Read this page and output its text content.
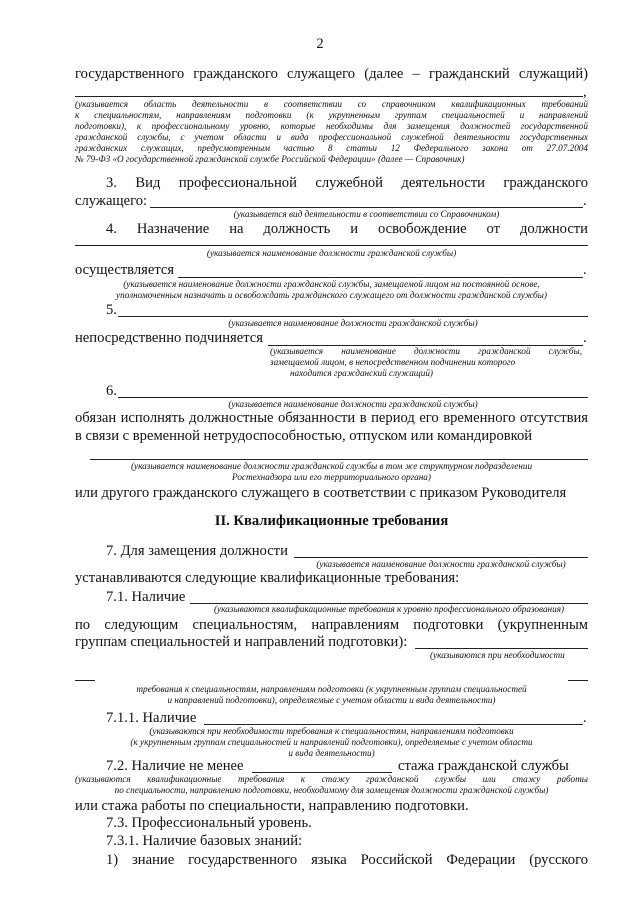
2
государственного гражданского служащего (далее – гражданский служащий)
,
(указывается область деятельности в соответствии со справочником квалификационных требований
к специальностям, направлениям подготовки (к укрупненным группам специальностей и направлений
подготовки), к профессиональному уровню, которые необходимы для замещения должностей государственной
гражданской службы, с учетом области и вида профессиональной служебной деятельности государственных
гражданских служащих, предусмотренным частью 8 статьи 12 Федерального закона от 27.07.2004
№ 79-ФЗ «О государственной гражданской службе Российской Федерации» (далее — Справочник)
3. Вид профессиональной служебной деятельности гражданского
служащего:	.
(указывается вид деятельности в соответствии со Справочником)
4. Назначение на должность и освобождение от должности
(указывается наименование должности гражданской службы)
осуществляется	.
(указывается наименование должности гражданской службы, замещаемой лицом на постоянной основе,
уполномоченным назначать и освобождать гражданского служащего от должности гражданской службы)
5.
(указывается наименование должности гражданской службы)
непосредственно подчиняется	.
(указывается наименование должности гражданской службы,
замещаемой лицом, в непосредственном подчинении которого
находится гражданский служащий)
6.
(указывается наименование должности гражданской службы)
обязан исполнять должностные обязанности в период его временного отсутствия
в связи с временной нетрудоспособностью, отпуском или командировкой
(указывается наименование должности гражданской службы в том же структурном подразделении
Ростехнадзора или его территориального органа)
или другого гражданского служащего в соответствии с приказом Руководителя
II. Квалификационные требования
7. Для замещения должности
(указывается наименование должности гражданской службы)
устанавливаются следующие квалификационные требования:
7.1. Наличие
(указываются квалификационные требования к уровню профессионального образования)
по следующим специальностям, направлениям подготовки (укрупненным
группам специальностей и направлений подготовки):
(указываются при необходимости
требования к специальностям, направлениям подготовки (к укрупненным группам специальностей
и направлений подготовки), определяемые с учетом области и вида деятельности)
7.1.1. Наличие	.
(указываются при необходимости требования к специальностям, направлениям подготовки
(к укрупненным группам специальностей и направлений подготовки), определяемые с учетом области
и вида деятельности)
7.2. Наличие не менее	стажа гражданской службы
(указываются квалификационные требования к стажу гражданской службы или стажу работы
по специальности, направлению подготовки, необходимому для замещения должности гражданской службы)
или стажа работы по специальности, направлению подготовки.
7.3. Профессиональный уровень.
7.3.1. Наличие базовых знаний:
1) знание государственного языка Российской Федерации (русского
